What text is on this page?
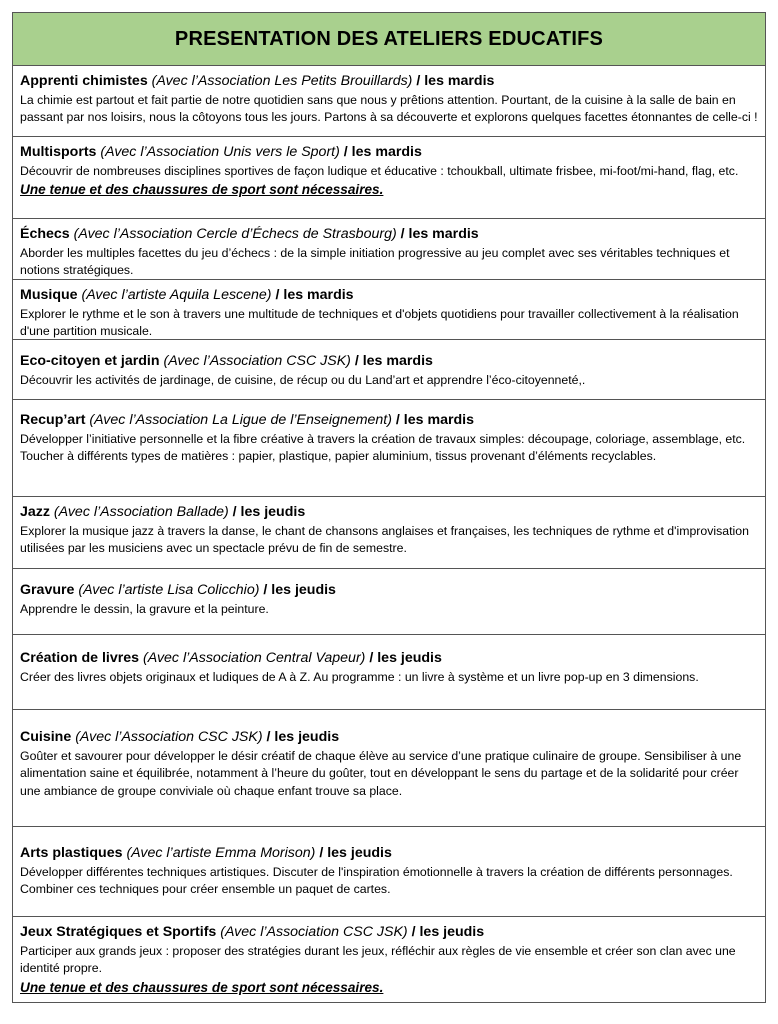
PRESENTATION DES ATELIERS EDUCATIFS
Apprenti chimistes (Avec l’Association Les Petits Brouillards) / les mardis
La chimie est partout et fait partie de notre quotidien sans que nous y prêtions attention. Pourtant, de la cuisine à la salle de bain en passant par nos loisirs, nous la côtoyons tous les jours. Partons à sa découverte et explorons quelques facettes étonnantes de celle-ci !
Multisports (Avec l’Association Unis vers le Sport) / les mardis
Découvrir de nombreuses disciplines sportives de façon ludique et éducative : tchoukball, ultimate frisbee, mi-foot/mi-hand, flag, etc.
Une tenue et des chaussures de sport sont nécessaires.
Échecs (Avec l’Association Cercle d’Échecs de Strasbourg) / les mardis
Aborder les multiples facettes du jeu d’échecs : de la simple initiation progressive au jeu complet avec ses véritables techniques et notions stratégiques.
Musique (Avec l’artiste Aquila Lescene) / les mardis
Explorer le rythme et le son à travers une multitude de techniques et d'objets quotidiens pour travailler collectivement à la réalisation d'une partition musicale.
Eco-citoyen et jardin (Avec l’Association CSC JSK) / les mardis
Découvrir les activités de jardinage, de cuisine, de récup ou du Land’art et apprendre l’éco-citoyenneté,.
Recup’art (Avec l’Association La Ligue de l’Enseignement) / les mardis
Développer l’initiative personnelle et la fibre créative à travers la création de travaux simples: découpage, coloriage, assemblage, etc. Toucher à différents types de matières : papier, plastique, papier aluminium, tissus provenant d’éléments recyclables.
Jazz (Avec l’Association Ballade) / les jeudis
Explorer la musique jazz à travers la danse, le chant de chansons anglaises et françaises, les techniques de rythme et d'improvisation utilisées par les musiciens avec un spectacle prévu de fin de semestre.
Gravure (Avec l’artiste Lisa Colicchio) / les jeudis
Apprendre le dessin, la gravure et la peinture.
Création de livres (Avec l’Association Central Vapeur) / les jeudis
Créer des livres objets originaux et ludiques de A à Z. Au programme : un livre à système et un livre pop-up en 3 dimensions.
Cuisine (Avec l’Association CSC JSK) / les jeudis
Goûter et savourer pour développer le désir créatif de chaque élève au service d’une pratique culinaire de groupe. Sensibiliser à une alimentation saine et équilibrée, notamment à l’heure du goûter, tout en développant le sens du partage et de la solidarité pour créer une ambiance de groupe conviviale où chaque enfant trouve sa place.
Arts plastiques (Avec l’artiste Emma Morison) / les jeudis
Développer différentes techniques artistiques. Discuter de l'inspiration émotionnelle à travers la création de différents personnages. Combiner ces techniques pour créer ensemble un paquet de cartes.
Jeux Stratégiques et Sportifs (Avec l’Association CSC JSK) / les jeudis
Participer aux grands jeux : proposer des stratégies durant les jeux, réfléchir aux règles de vie ensemble et créer son clan avec une identité propre.
Une tenue et des chaussures de sport sont nécessaires.
